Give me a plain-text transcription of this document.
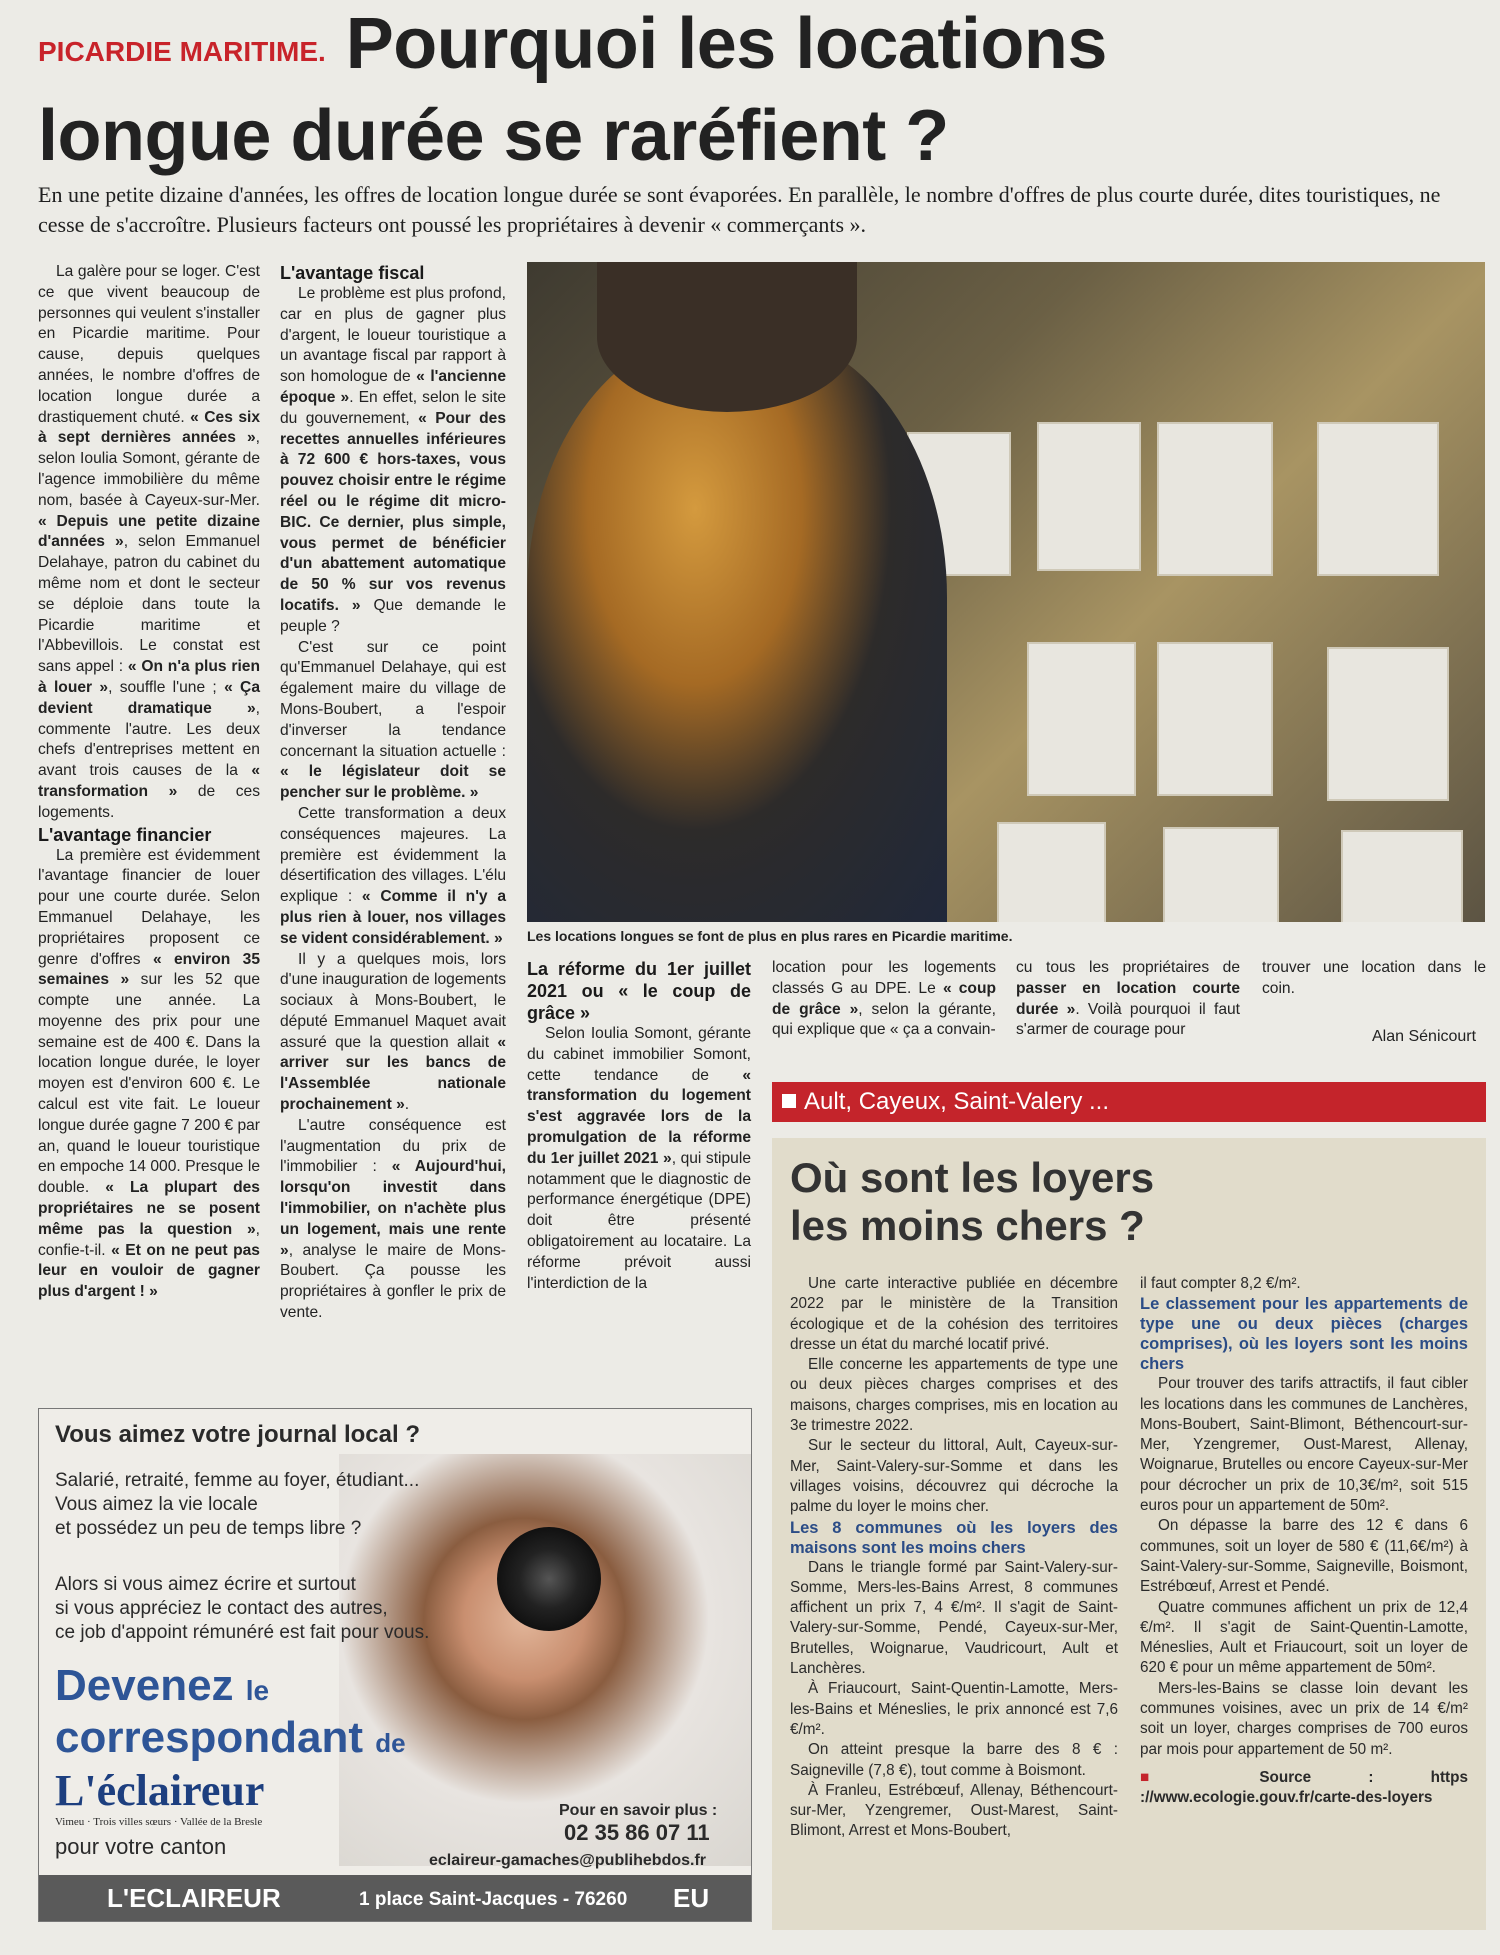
PICARDIE MARITIME. Pourquoi les locations
longue durée se raréfient ?
En une petite dizaine d'années, les offres de location longue durée se sont évaporées. En parallèle, le nombre d'offres de plus courte durée, dites touristiques, ne cesse de s'accroître. Plusieurs facteurs ont poussé les propriétaires à devenir « commerçants ».

La galère pour se loger. C'est ce que vivent beaucoup de personnes qui veulent s'installer en Picardie maritime. Pour cause, depuis quelques années, le nombre d'offres de location longue durée a drastiquement chuté. « Ces six à sept dernières années », selon Ioulia Somont, gérante de l'agence immobilière du même nom, basée à Cayeux-sur-Mer. « Depuis une petite dizaine d'années », selon Emmanuel Delahaye, patron du cabinet du même nom et dont le secteur se déploie dans toute la Picardie maritime et l'Abbevillois. Le constat est sans appel : « On n'a plus rien à louer », souffle l'une ; « Ça devient dramatique », commente l'autre. Les deux chefs d'entreprises mettent en avant trois causes de la « transformation » de ces logements.

L'avantage financier

La première est évidemment l'avantage financier de louer pour une courte durée. Selon Emmanuel Delahaye, les propriétaires proposent ce genre d'offres « environ 35 semaines » sur les 52 que compte une année. La moyenne des prix pour une semaine est de 400 €. Dans la location longue durée, le loyer moyen est d'environ 600 €. Le calcul est vite fait. Le loueur longue durée gagne 7 200 € par an, quand le loueur touristique en empoche 14 000. Presque le double. « La plupart des propriétaires ne se posent même pas la question », confie-t-il. « Et on ne peut pas leur en vouloir de gagner plus d'argent ! »

L'avantage fiscal

Le problème est plus profond, car en plus de gagner plus d'argent, le loueur touristique a un avantage fiscal par rapport à son homologue de « l'ancienne époque ». En effet, selon le site du gouvernement, « Pour des recettes annuelles inférieures à 72 600 € hors-taxes, vous pouvez choisir entre le régime réel ou le régime dit micro-BIC. Ce dernier, plus simple, vous permet de bénéficier d'un abattement automatique de 50 % sur vos revenus locatifs. » Que demande le peuple ?

C'est sur ce point qu'Emmanuel Delahaye, qui est également maire du village de Mons-Boubert, a l'espoir d'inverser la tendance concernant la situation actuelle : « le législateur doit se pencher sur le problème. »

Cette transformation a deux conséquences majeures. La première est évidemment la désertification des villages. L'élu explique : « Comme il n'y a plus rien à louer, nos villages se vident considérablement. »

Il y a quelques mois, lors d'une inauguration de logements sociaux à Mons-Boubert, le député Emmanuel Maquet avait assuré que la question allait « arriver sur les bancs de l'Assemblée nationale prochainement ».

L'autre conséquence est l'augmentation du prix de l'immobilier : « Aujourd'hui, lorsqu'on investit dans l'immobilier, on n'achète plus un logement, mais une rente », analyse le maire de Mons-Boubert. Ça pousse les propriétaires à gonfler le prix de vente.

Les locations longues se font de plus en plus rares en Picardie maritime.

La réforme du 1er juillet 2021 ou « le coup de grâce »

Selon Ioulia Somont, gérante du cabinet immobilier Somont, cette tendance de « transformation du logement s'est aggravée lors de la promulgation de la réforme du 1er juillet 2021 », qui stipule notamment que le diagnostic de performance énergétique (DPE) doit être présenté obligatoirement au locataire. La réforme prévoit aussi l'interdiction de la

location pour les logements classés G au DPE. Le « coup de grâce », selon la gérante, qui explique que « ça a convain-

cu tous les propriétaires de passer en location courte durée ». Voilà pourquoi il faut s'armer de courage pour

trouver une location dans le coin.

Alan Sénicourt
Ault, Cayeux, Saint-Valery ...
Où sont les loyers
les moins chers ?

Une carte interactive publiée en décembre 2022 par le ministère de la Transition écologique et de la cohésion des territoires dresse un état du marché locatif privé.

Elle concerne les appartements de type une ou deux pièces charges comprises et des maisons, charges comprises, mis en location au 3e trimestre 2022.

Sur le secteur du littoral, Ault, Cayeux-sur-Mer, Saint-Valery-sur-Somme et dans les villages voisins, découvrez qui décroche la palme du loyer le moins cher.

Les 8 communes où les loyers des maisons sont les moins chers

Dans le triangle formé par Saint-Valery-sur-Somme, Mers-les-Bains Arrest, 8 communes affichent un prix 7, 4 €/m². Il s'agit de Saint-Valery-sur-Somme, Pendé, Cayeux-sur-Mer, Brutelles, Woignarue, Vaudricourt, Ault et Lanchères.

À Friaucourt, Saint-Quentin-Lamotte, Mers-les-Bains et Méneslies, le prix annoncé est 7,6 €/m².

On atteint presque la barre des 8 € : Saigneville (7,8 €), tout comme à Boismont.

À Franleu, Estrébœuf, Allenay, Béthencourt-sur-Mer, Yzengremer, Oust-Marest, Saint-Blimont, Arrest et Mons-Boubert,

il faut compter 8,2 €/m².

Le classement pour les appartements de type une ou deux pièces (charges comprises), où les loyers sont les moins chers

Pour trouver des tarifs attractifs, il faut cibler les locations dans les communes de Lanchères, Mons-Boubert, Saint-Blimont, Béthencourt-sur-Mer, Yzengremer, Oust-Marest, Allenay, Woignarue, Brutelles ou encore Cayeux-sur-Mer pour décrocher un prix de 10,3€/m², soit 515 euros pour un appartement de 50m².

On dépasse la barre des 12 € dans 6 communes, soit un loyer de 580 € (11,6€/m²) à Saint-Valery-sur-Somme, Saigneville, Boismont, Estrébœuf, Arrest et Pendé.

Quatre communes affichent un prix de 12,4 €/m². Il s'agit de Saint-Quentin-Lamotte, Méneslies, Ault et Friaucourt, soit un loyer de 620 € pour un même appartement de 50m².

Mers-les-Bains se classe loin devant les communes voisines, avec un prix de 14 €/m² soit un loyer, charges comprises de 700 euros par mois pour appartement de 50 m².

■	Source : https ://www.ecologie.gouv.fr/carte-des-loyers

Vous aimez votre journal local ?
Salarié, retraité, femme au foyer, étudiant...
Vous aimez la vie locale
et possédez un peu de temps libre ?
Alors si vous aimez écrire et surtout
si vous appréciez le contact des autres,
ce job d'appoint rémunéré est fait pour vous.
Devenez le
correspondant de
L'éclaireur
Vimeu · Trois villes sœurs · Vallée de la Bresle
pour votre canton
Pour en savoir plus :
02 35 86 07 11
eclaireur-gamaches@publihebdos.fr
L'ECLAIREUR	1 place Saint-Jacques - 76260 EU
